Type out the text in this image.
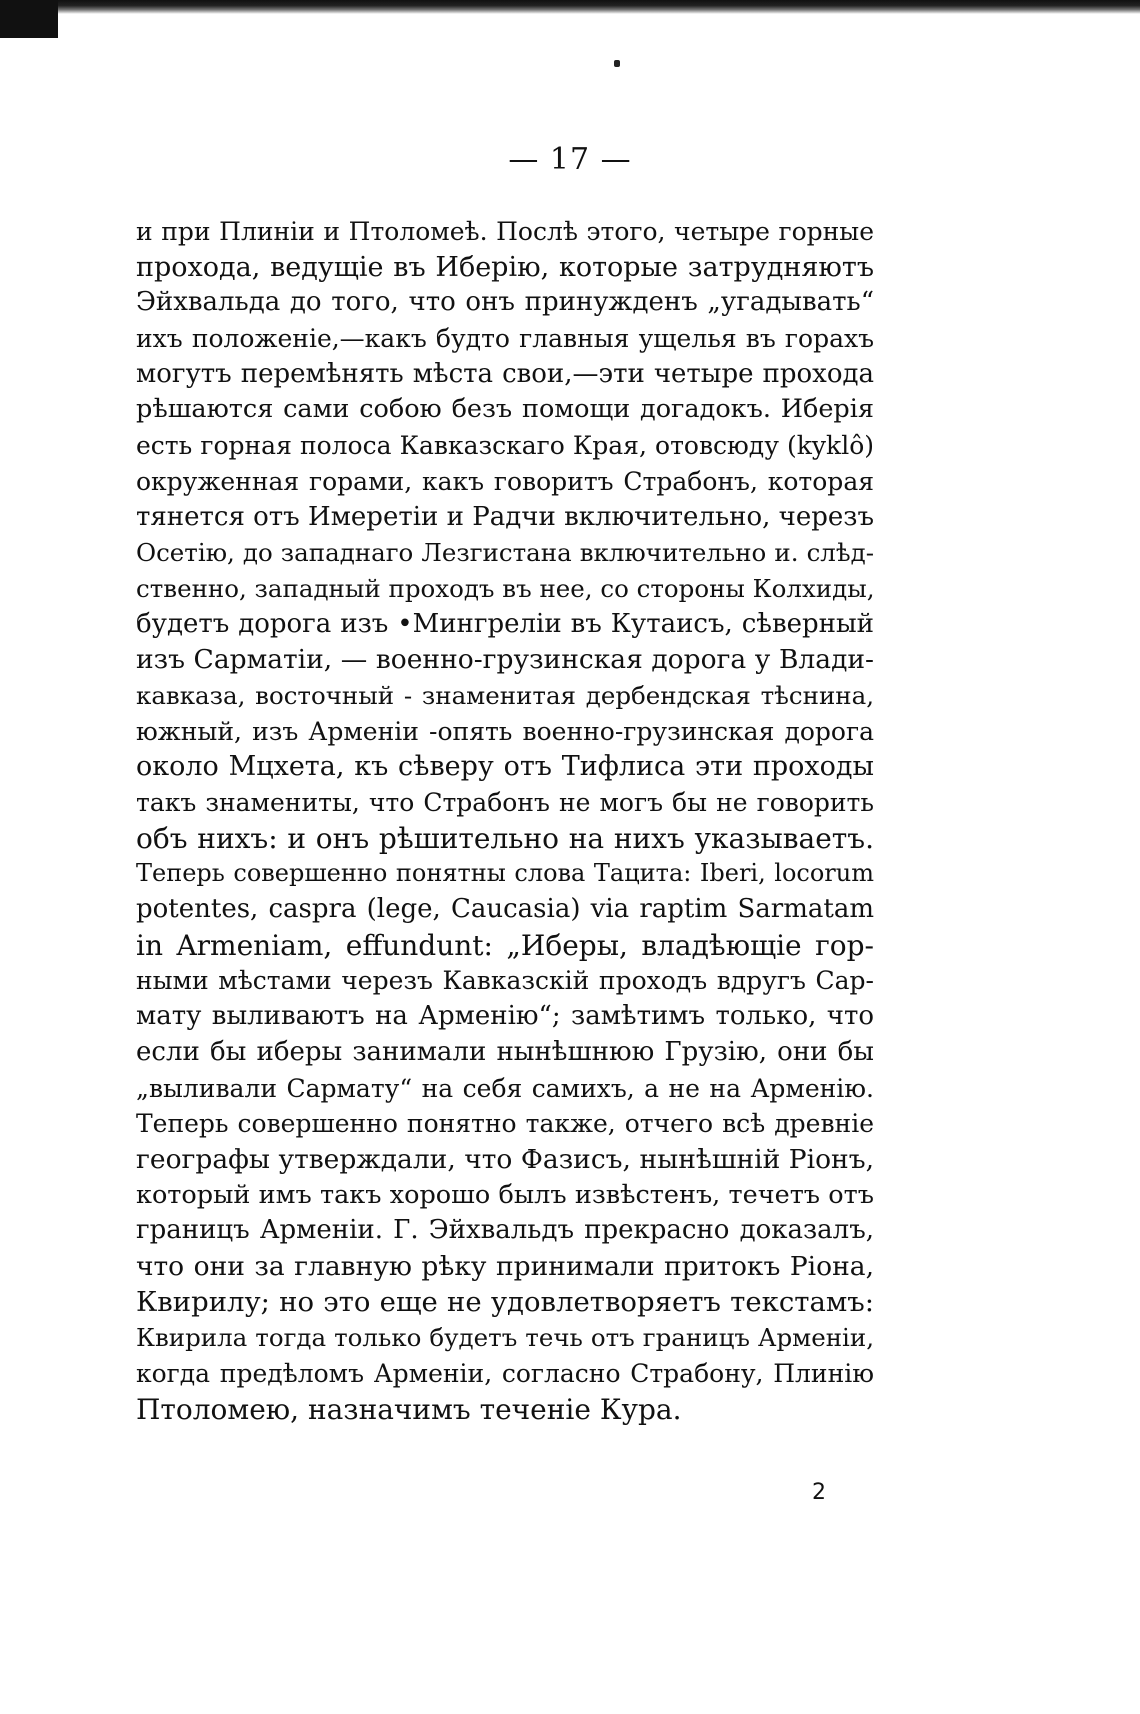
— 17 —
и при Плиніи и Птоломеѣ. Послѣ этого, четыре горные
прохода, ведущіе въ Иберію, которые затрудняютъ
Эйхвальда до того, что онъ принужденъ „угадывать“
ихъ положеніе,—какъ будто главныя ущелья въ горахъ
могутъ перемѣнять мѣста свои,—эти четыре прохода
рѣшаются сами собою безъ помощи догадокъ. Иберія
есть горная полоса Кавказскаго Края, отовсюду (kyklô)
окруженная горами, какъ говоритъ Страбонъ, которая
тянется отъ Имеретіи и Радчи включительно, черезъ
Осетію, до западнаго Лезгистана включительно и. слѣд-
ственно, западный проходъ въ нее, со стороны Колхиды,
будетъ дорога изъ •Мингреліи въ Кутаисъ, сѣверный
изъ Сарматіи, — военно-грузинская дорога у Влади-
кавказа, восточный - знаменитая дербендская тѣснина,
южный, изъ Арменіи -опять военно-грузинская дорога
около Мцхета, къ сѣверу отъ Тифлиса эти проходы
такъ знамениты, что Страбонъ не могъ бы не говорить
объ нихъ: и онъ рѣшительно на нихъ указываетъ.
Теперь совершенно понятны слова Тацита: Iberi, locorum
potentes, caspra (lege, Caucasia) via raptim Sarmatam
in Armeniam, effundunt: „Иберы, владѣющіе гор-
ными мѣстами черезъ Кавказскій проходъ вдругъ Сар-
мату выливаютъ на Арменію“; замѣтимъ только, что
если бы иберы занимали нынѣшнюю Грузію, они бы
„выливали Сармату“ на себя самихъ, а не на Арменію.
Теперь совершенно понятно также, отчего всѣ древніе
географы утверждали, что Фазисъ, нынѣшній Ріонъ,
который имъ такъ хорошо былъ извѣстенъ, течетъ отъ
границъ Арменіи. Г. Эйхвальдъ прекрасно доказалъ,
что они за главную рѣку принимали притокъ Ріона,
Квирилу; но это еще не удовлетворяетъ текстамъ:
Квирила тогда только будетъ течь отъ границъ Арменіи,
когда предѣломъ Арменіи, согласно Страбону, Плинію
Птоломею, назначимъ теченіе Кура.
2
